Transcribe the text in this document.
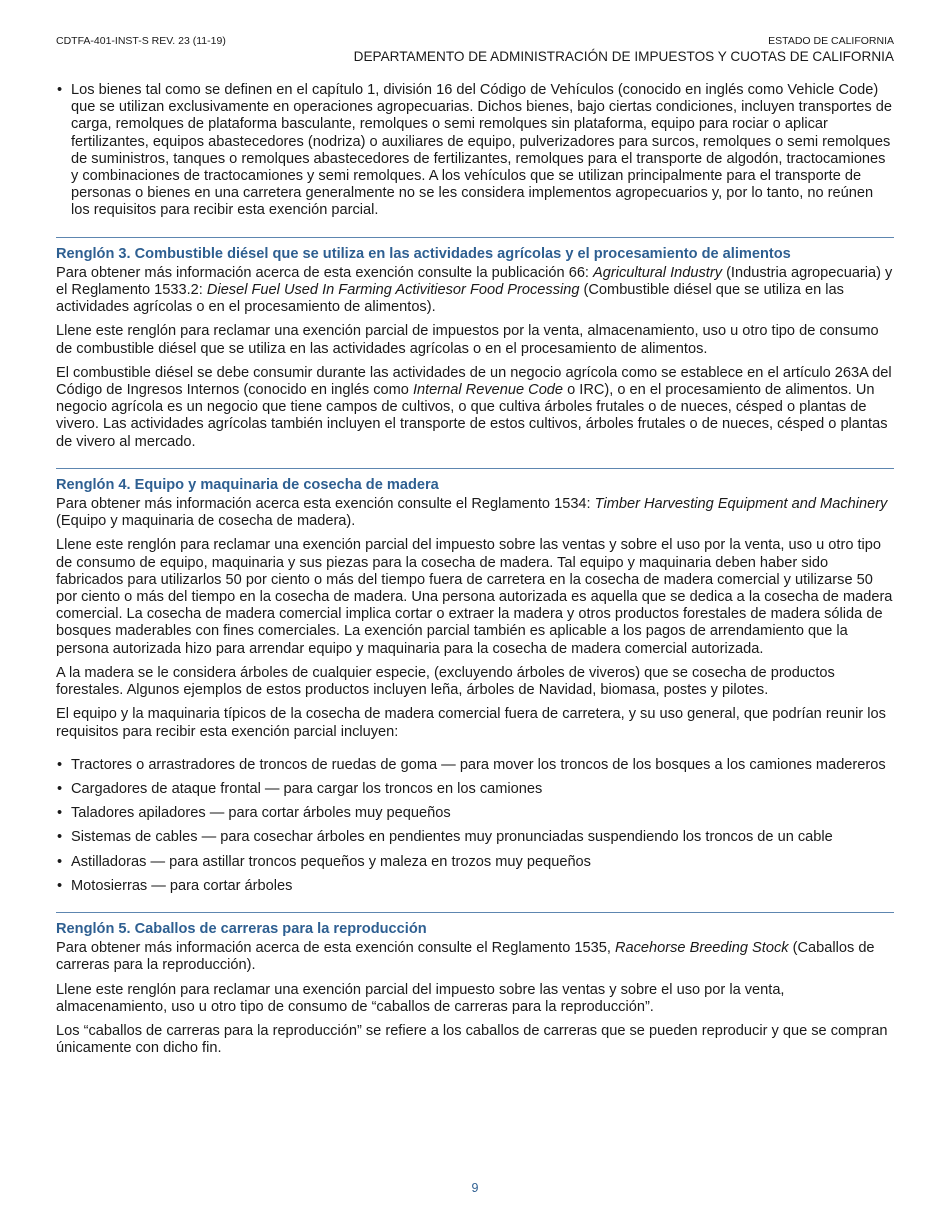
CDTFA-401-INST-S REV. 23 (11-19)	ESTADO DE CALIFORNIA
DEPARTAMENTO DE ADMINISTRACIÓN DE IMPUESTOS Y CUOTAS DE CALIFORNIA
• Los bienes tal como se definen en el capítulo 1, división 16 del Código de Vehículos (conocido en inglés como Vehicle Code) que se utilizan exclusivamente en operaciones agropecuarias. Dichos bienes, bajo ciertas condiciones, incluyen transportes de carga, remolques de plataforma basculante, remolques o semi remolques sin plataforma, equipo para rociar o aplicar fertilizantes, equipos abastecedores (nodriza) o auxiliares de equipo, pulverizadores para surcos, remolques o semi remolques de suministros, tanques o remolques abastecedores de fertilizantes, remolques para el transporte de algodón, tractocamiones y combinaciones de tractocamiones y semi remolques. A los vehículos que se utilizan principalmente para el transporte de personas o bienes en una carretera generalmente no se les considera implementos agropecuarios y, por lo tanto, no reúnen los requisitos para recibir esta exención parcial.
Renglón 3. Combustible diésel que se utiliza en las actividades agrícolas y el procesamiento de alimentos

Para obtener más información acerca de esta exención consulte la publicación 66: Agricultural Industry (Industria agropecuaria) y el Reglamento 1533.2: Diesel Fuel Used In Farming Activitiesor Food Processing (Combustible diésel que se utiliza en las actividades agrícolas o en el procesamiento de alimentos).

Llene este renglón para reclamar una exención parcial de impuestos por la venta, almacenamiento, uso u otro tipo de consumo de combustible diésel que se utiliza en las actividades agrícolas o en el procesamiento de alimentos.

El combustible diésel se debe consumir durante las actividades de un negocio agrícola como se establece en el artículo 263A del Código de Ingresos Internos (conocido en inglés como Internal Revenue Code o IRC), o en el procesamiento de alimentos. Un negocio agrícola es un negocio que tiene campos de cultivos, o que cultiva árboles frutales o de nueces, césped o plantas de vivero. Las actividades agrícolas también incluyen el transporte de estos cultivos, árboles frutales o de nueces, césped o plantas de vivero al mercado.

Renglón 4. Equipo y maquinaria de cosecha de madera

Para obtener más información acerca esta exención consulte el Reglamento 1534: Timber Harvesting Equipment and Machinery (Equipo y maquinaria de cosecha de madera).

Llene este renglón para reclamar una exención parcial del impuesto sobre las ventas y sobre el uso por la venta, uso u otro tipo de consumo de equipo, maquinaria y sus piezas para la cosecha de madera. Tal equipo y maquinaria deben haber sido fabricados para utilizarlos 50 por ciento o más del tiempo fuera de carretera en la cosecha de madera comercial y utilizarse 50 por ciento o más del tiempo en la cosecha de madera. Una persona autorizada es aquella que se dedica a la cosecha de madera comercial. La cosecha de madera comercial implica cortar o extraer la madera y otros productos forestales de madera sólida de bosques maderables con fines comerciales. La exención parcial también es aplicable a los pagos de arrendamiento que la persona autorizada hizo para arrendar equipo y maquinaria para la cosecha de madera comercial autorizada.

A la madera se le considera árboles de cualquier especie, (excluyendo árboles de viveros) que se cosecha de productos forestales. Algunos ejemplos de estos productos incluyen leña, árboles de Navidad, biomasa, postes y pilotes.

El equipo y la maquinaria típicos de la cosecha de madera comercial fuera de carretera, y su uso general, que podrían reunir los requisitos para recibir esta exención parcial incluyen:

• Tractores o arrastradores de troncos de ruedas de goma — para mover los troncos de los bosques a los camiones madereros
• Cargadores de ataque frontal — para cargar los troncos en los camiones
• Taladores apiladores — para cortar árboles muy pequeños
• Sistemas de cables — para cosechar árboles en pendientes muy pronunciadas suspendiendo los troncos de un cable
• Astilladoras — para astillar troncos pequeños y maleza en trozos muy pequeños
• Motosierras — para cortar árboles
Renglón 5. Caballos de carreras para la reproducción

Para obtener más información acerca de esta exención consulte el Reglamento 1535, Racehorse Breeding Stock (Caballos de carreras para la reproducción).

Llene este renglón para reclamar una exención parcial del impuesto sobre las ventas y sobre el uso por la venta, almacenamiento, uso u otro tipo de consumo de “caballos de carreras para la reproducción”.

Los “caballos de carreras para la reproducción” se refiere a los caballos de carreras que se pueden reproducir y que se compran únicamente con dicho fin.

9
